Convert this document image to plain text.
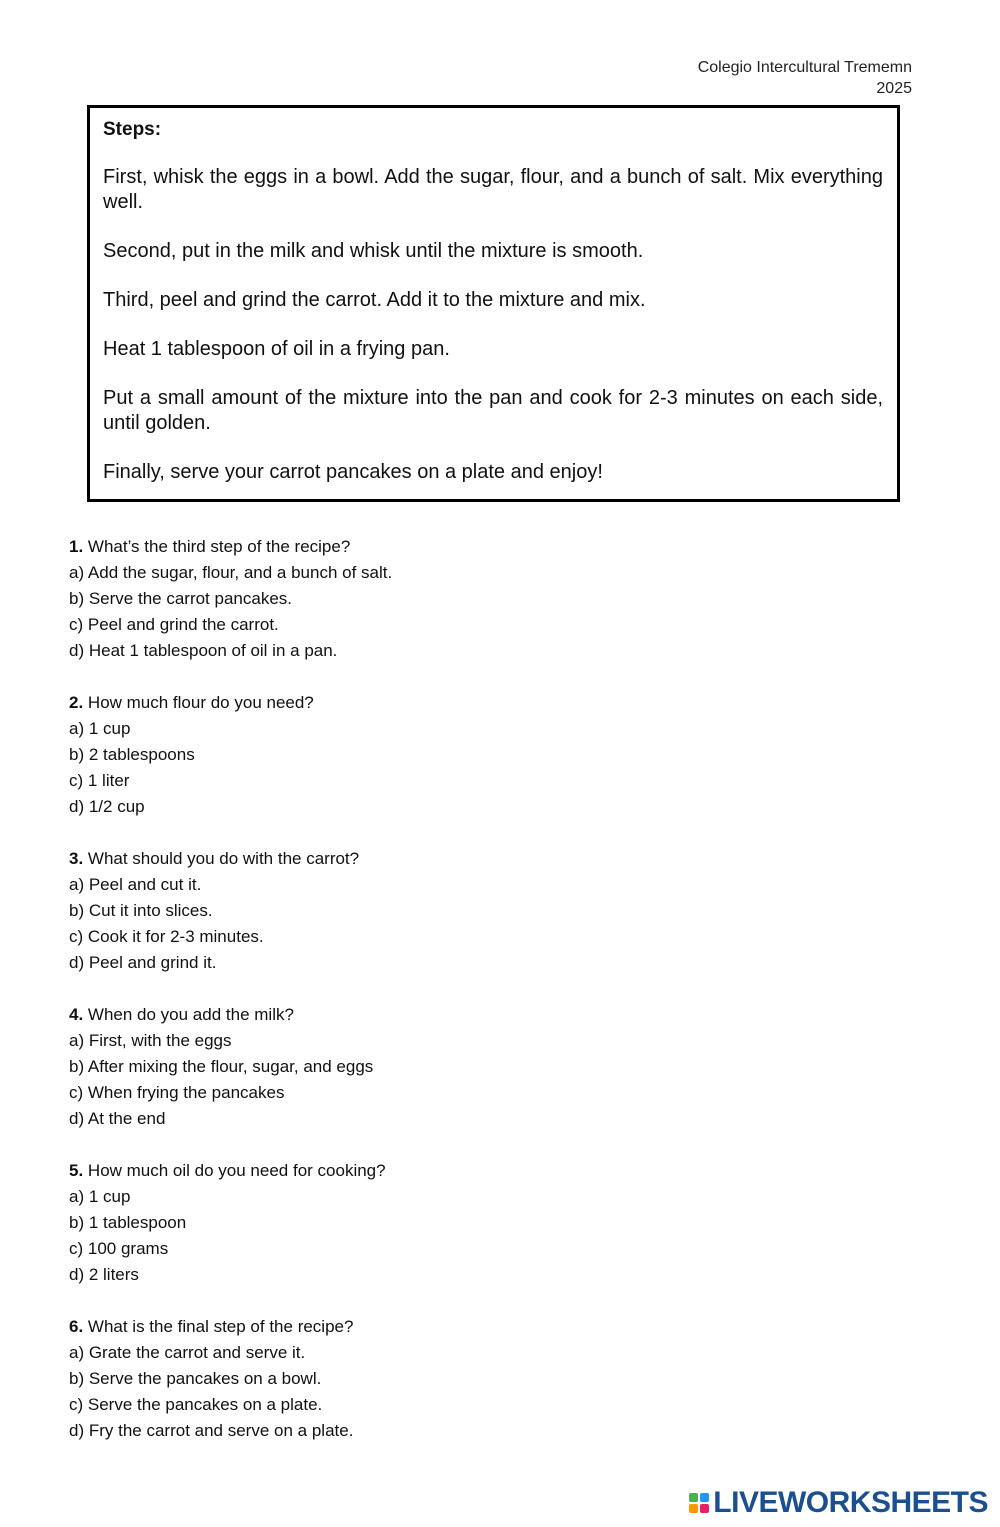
Colegio Intercultural Trememn
2025
Steps:

First, whisk the eggs in a bowl. Add the sugar, flour, and a bunch of salt. Mix everything well.

Second, put in the milk and whisk until the mixture is smooth.

Third, peel and grind the carrot. Add it to the mixture and mix.

Heat 1 tablespoon of oil in a frying pan.

Put a small amount of the mixture into the pan and cook for 2-3 minutes on each side, until golden.

Finally, serve your carrot pancakes on a plate and enjoy!

1. What’s the third step of the recipe?
a) Add the sugar, flour, and a bunch of salt.
b) Serve the carrot pancakes.
c) Peel and grind the carrot.
d) Heat 1 tablespoon of oil in a pan.
2. How much flour do you need?
a) 1 cup
b) 2 tablespoons
c) 1 liter
d) 1/2 cup
3. What should you do with the carrot?
a) Peel and cut it.
b) Cut it into slices.
c) Cook it for 2-3 minutes.
d) Peel and grind it.
4. When do you add the milk?
a) First, with the eggs
b) After mixing the flour, sugar, and eggs
c) When frying the pancakes
d) At the end
5. How much oil do you need for cooking?
a) 1 cup
b) 1 tablespoon
c) 100 grams
d) 2 liters
6. What is the final step of the recipe?
a) Grate the carrot and serve it.
b) Serve the pancakes on a bowl.
c) Serve the pancakes on a plate.
d) Fry the carrot and serve on a plate.
LIVEWORKSHEETS
